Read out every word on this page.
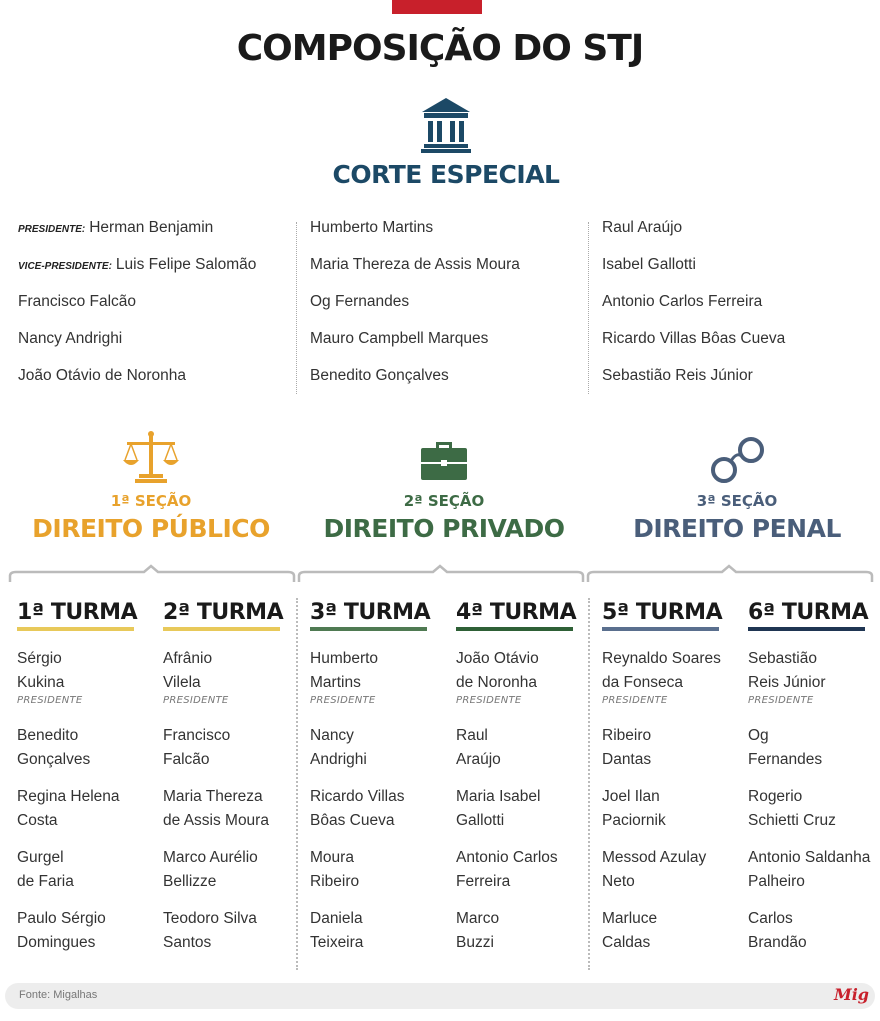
COMPOSIÇÃO DO STJ
CORTE ESPECIAL
PRESIDENTE: Herman Benjamin
VICE-PRESIDENTE: Luis Felipe Salomão
Francisco Falcão
Nancy Andrighi
João Otávio de Noronha
Humberto Martins
Maria Thereza de Assis Moura
Og Fernandes
Mauro Campbell Marques
Benedito Gonçalves
Raul Araújo
Isabel Gallotti
Antonio Carlos Ferreira
Ricardo Villas Bôas Cueva
Sebastião Reis Júnior
1ª SEÇÃO
DIREITO PÚBLICO
2ª SEÇÃO
DIREITO PRIVADO
3ª SEÇÃO
DIREITO PENAL
1ª TURMA
Sérgio
Kukina
PRESIDENTE
Benedito
Gonçalves
Regina Helena
Costa
Gurgel
de Faria
Paulo Sérgio
Domingues
2ª TURMA
Afrânio
Vilela
PRESIDENTE
Francisco
Falcão
Maria Thereza
de Assis Moura
Marco Aurélio
Bellizze
Teodoro Silva
Santos
3ª TURMA
Humberto
Martins
PRESIDENTE
Nancy
Andrighi
Ricardo Villas
Bôas Cueva
Moura
Ribeiro
Daniela
Teixeira
4ª TURMA
João Otávio
de Noronha
PRESIDENTE
Raul
Araújo
Maria Isabel
Gallotti
Antonio Carlos
Ferreira
Marco
Buzzi
5ª TURMA
Reynaldo Soares
da Fonseca
PRESIDENTE
Ribeiro
Dantas
Joel Ilan
Paciornik
Messod Azulay
Neto
Marluce
Caldas
6ª TURMA
Sebastião
Reis Júnior
PRESIDENTE
Og
Fernandes
Rogerio
Schietti Cruz
Antonio Saldanha
Palheiro
Carlos
Brandão
Fonte: Migalhas	Mig
